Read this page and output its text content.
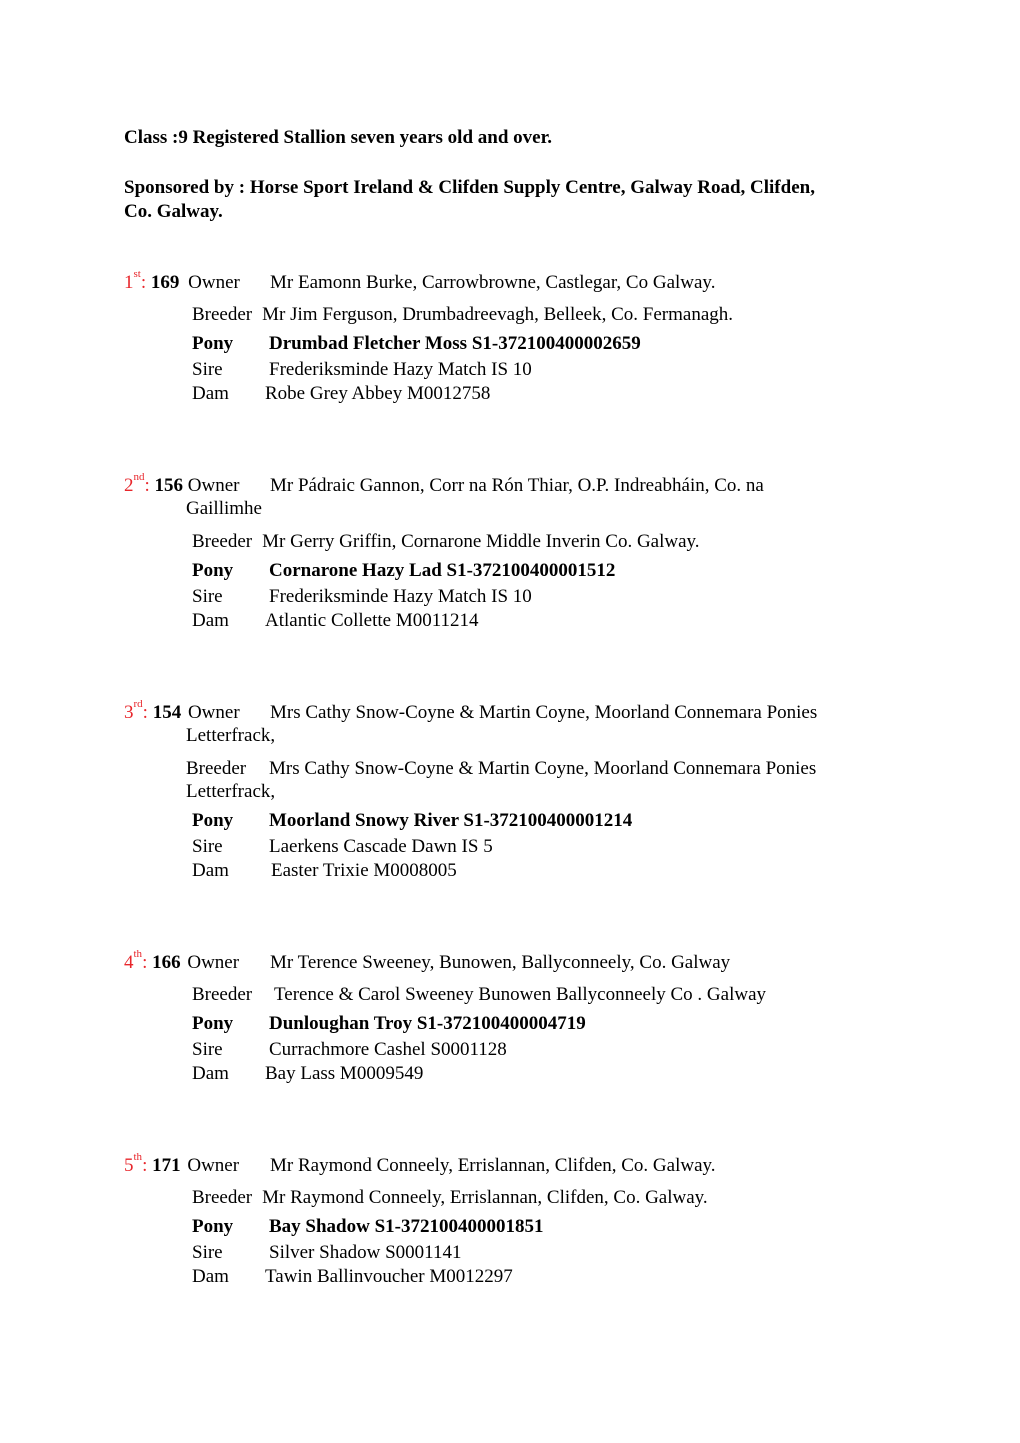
Class :9 Registered Stallion seven years old and over.
Sponsored by : Horse Sport Ireland & Clifden Supply Centre, Galway Road, Clifden,
Co. Galway.
1st: 169 Owner Mr Eamonn Burke, Carrowbrowne, Castlegar, Co Galway.
Breeder Mr Jim Ferguson, Drumbadreevagh, Belleek, Co. Fermanagh.
Pony Drumbad Fletcher Moss S1-372100400002659
Sire Frederiksminde Hazy Match IS 10
Dam Robe Grey Abbey M0012758
2nd: 156 Owner Mr Pádraic Gannon, Corr na Rón Thiar, O.P. Indreabháin, Co. na
Gaillimhe
Breeder Mr Gerry Griffin, Cornarone Middle Inverin Co. Galway.
Pony Cornarone Hazy Lad S1-372100400001512
Sire Frederiksminde Hazy Match IS 10
Dam Atlantic Collette M0011214
3rd: 154 Owner Mrs Cathy Snow-Coyne & Martin Coyne, Moorland Connemara Ponies
Letterfrack,
Breeder Mrs Cathy Snow-Coyne & Martin Coyne, Moorland Connemara Ponies
Letterfrack,
Pony Moorland Snowy River S1-372100400001214
Sire Laerkens Cascade Dawn IS 5
Dam Easter Trixie M0008005
4th: 166 Owner Mr Terence Sweeney, Bunowen, Ballyconneely, Co. Galway
Breeder Terence & Carol Sweeney Bunowen Ballyconneely Co . Galway
Pony Dunloughan Troy S1-372100400004719
Sire Currachmore Cashel S0001128
Dam Bay Lass M0009549
5th: 171 Owner Mr Raymond Conneely, Errislannan, Clifden, Co. Galway.
Breeder Mr Raymond Conneely, Errislannan, Clifden, Co. Galway.
Pony Bay Shadow S1-372100400001851
Sire Silver Shadow S0001141
Dam Tawin Ballinvoucher M0012297
